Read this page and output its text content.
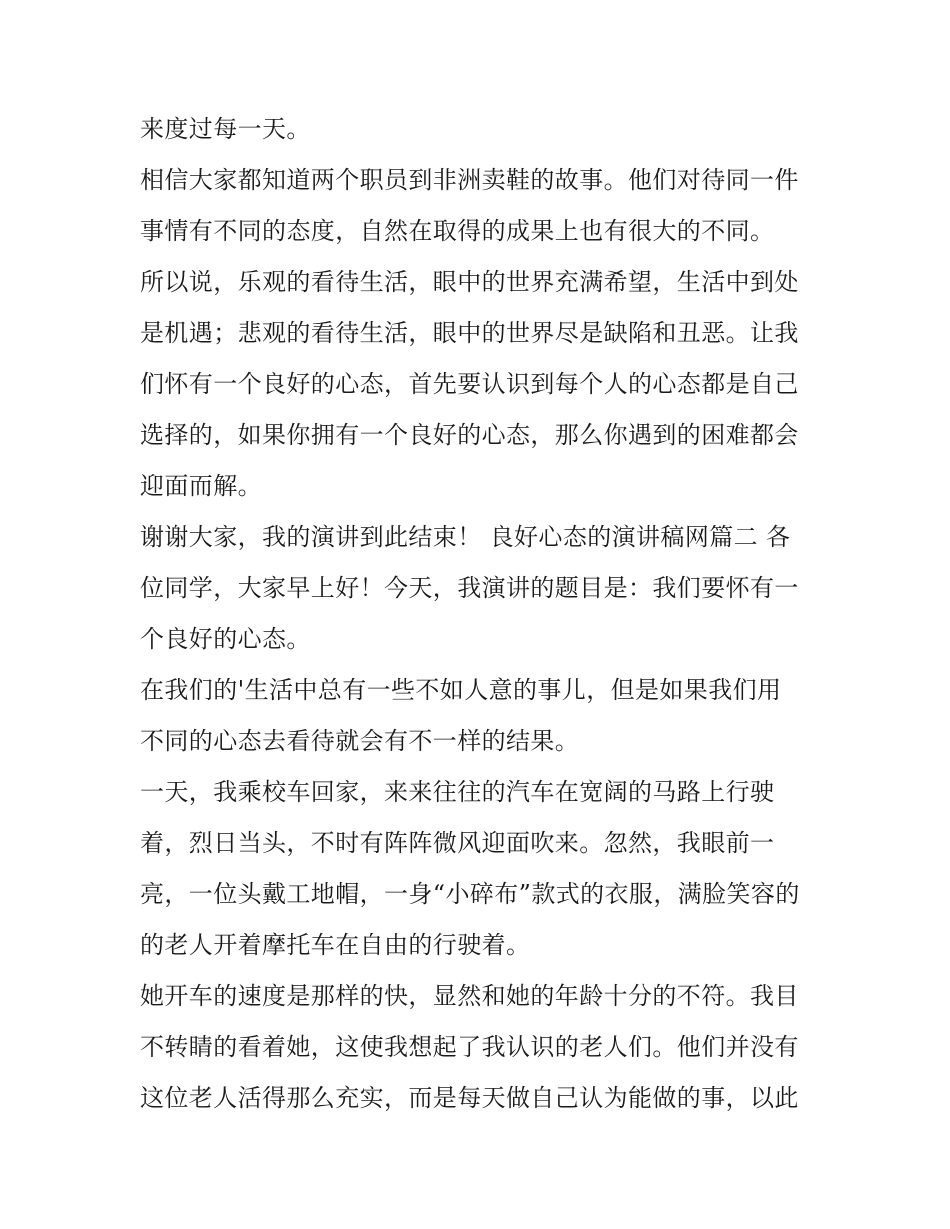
来度过每一天。
相信大家都知道两个职员到非洲卖鞋的故事。他们对待同一件
事情有不同的态度，自然在取得的成果上也有很大的不同。
所以说，乐观的看待生活，眼中的世界充满希望，生活中到处
是机遇；悲观的看待生活，眼中的世界尽是缺陷和丑恶。让我
们怀有一个良好的心态，首先要认识到每个人的心态都是自己
选择的，如果你拥有一个良好的心态，那么你遇到的困难都会
迎面而解。
谢谢大家，我的演讲到此结束！ 良好心态的演讲稿网篇二 各
位同学，大家早上好！今天，我演讲的题目是：我们要怀有一
个良好的心态。
在我们的'生活中总有一些不如人意的事儿，但是如果我们用
不同的心态去看待就会有不一样的结果。
一天，我乘校车回家，来来往往的汽车在宽阔的马路上行驶
着，烈日当头，不时有阵阵微风迎面吹来。忽然，我眼前一
亮，一位头戴工地帽，一身“小碎布”款式的衣服，满脸笑容的
的老人开着摩托车在自由的行驶着。
她开车的速度是那样的快，显然和她的年龄十分的不符。我目
不转睛的看着她，这使我想起了我认识的老人们。他们并没有
这位老人活得那么充实，而是每天做自己认为能做的事，以此
